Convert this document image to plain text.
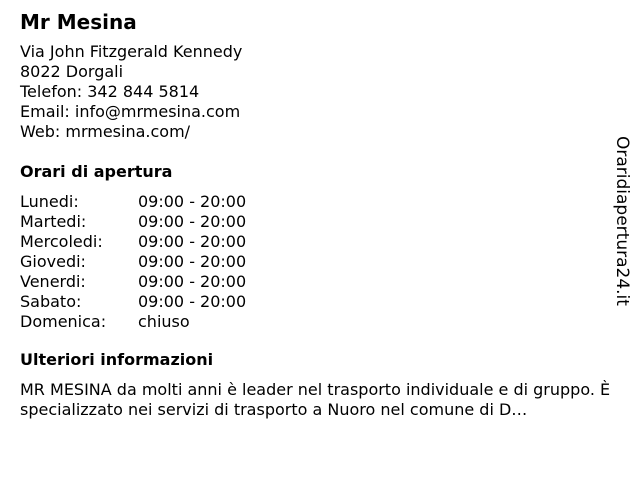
Mr Mesina
Via John Fitzgerald Kennedy
8022 Dorgali
Telefon: 342 844 5814
Email: info@mrmesina.com
Web: mrmesina.com/
Orari di apertura
Lunedi:	09:00 - 20:00
Martedi:	09:00 - 20:00
Mercoledi:	09:00 - 20:00
Giovedi:	09:00 - 20:00
Venerdi:	09:00 - 20:00
Sabato:	09:00 - 20:00
Domenica:	chiuso
Ulteriori informazioni
MR MESINA da molti anni è leader nel trasporto individuale e di gruppo. È specializzato nei servizi di trasporto a Nuoro nel comune di D…
Oraridiapertura24.it
